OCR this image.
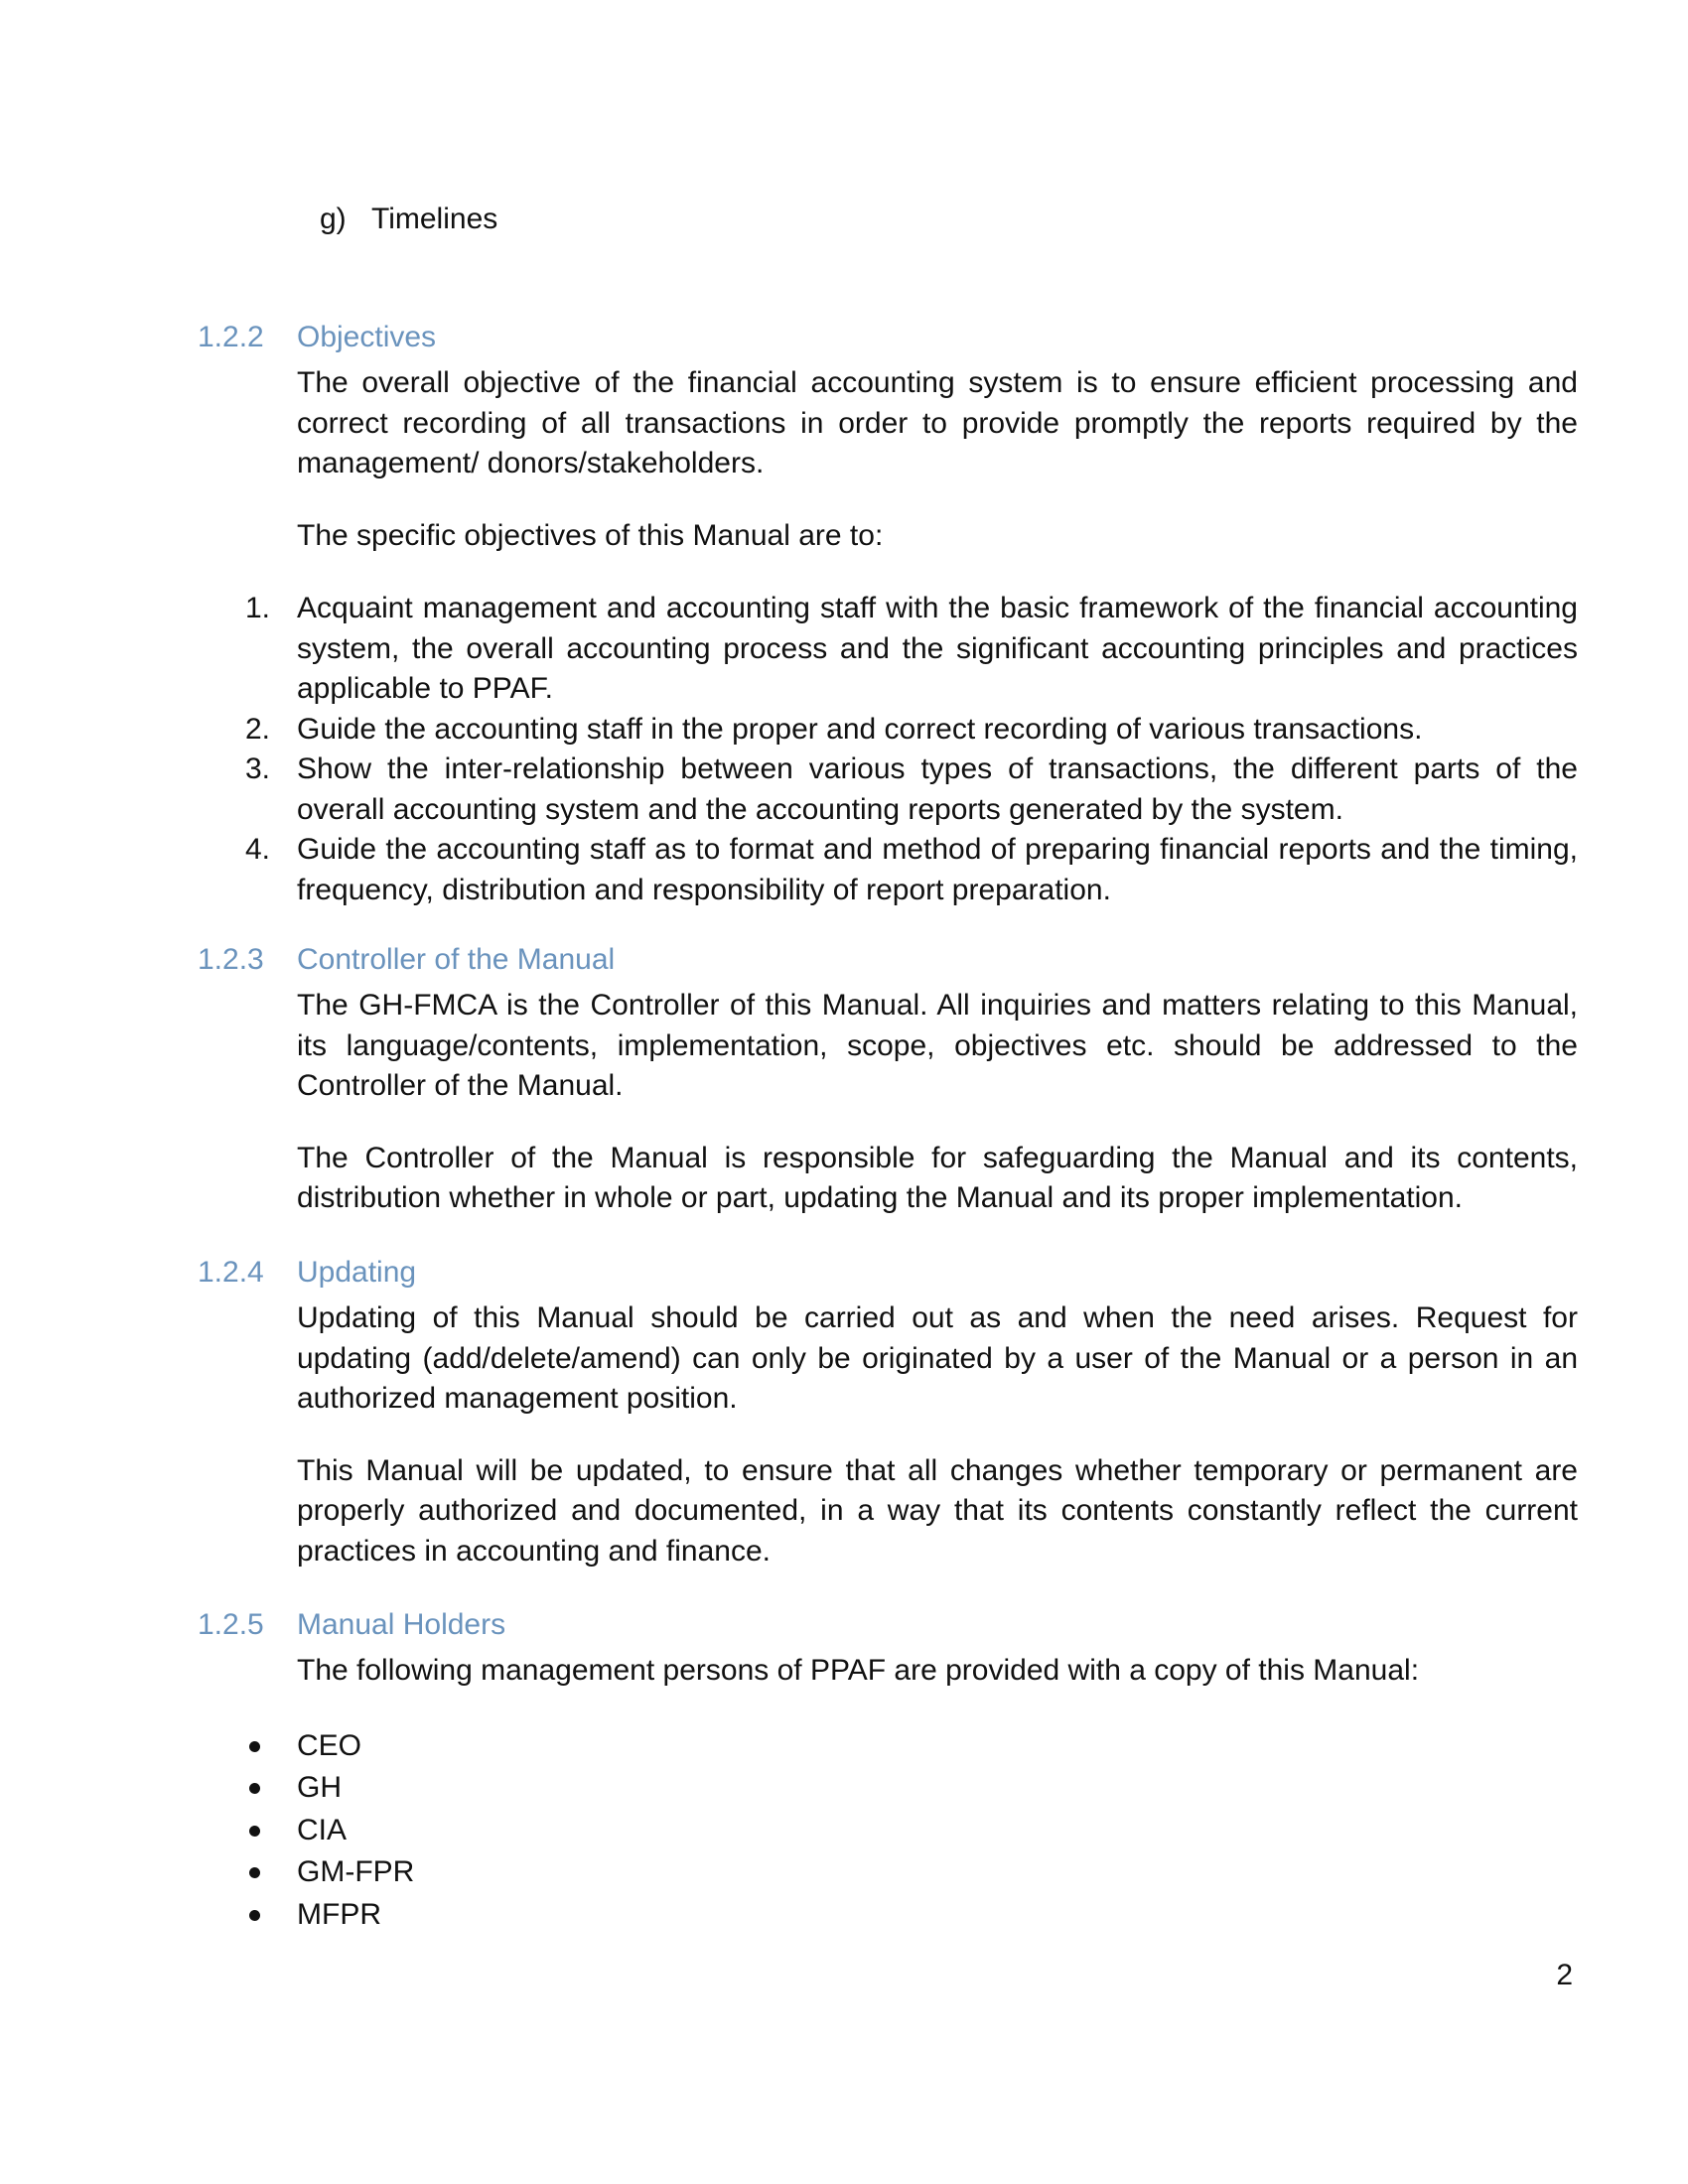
g) Timelines
1.2.2 Objectives

The overall objective of the financial accounting system is to ensure efficient processing and correct recording of all transactions in order to provide promptly the reports required by the management/ donors/stakeholders.

The specific objectives of this Manual are to:

1. Acquaint management and accounting staff with the basic framework of the financial accounting system, the overall accounting process and the significant accounting principles and practices applicable to PPAF.
2. Guide the accounting staff in the proper and correct recording of various transactions.
3. Show the inter-relationship between various types of transactions, the different parts of the overall accounting system and the accounting reports generated by the system.
4. Guide the accounting staff as to format and method of preparing financial reports and the timing, frequency, distribution and responsibility of report preparation.
1.2.3 Controller of the Manual

The GH-FMCA is the Controller of this Manual. All inquiries and matters relating to this Manual, its language/contents, implementation, scope, objectives etc. should be addressed to the Controller of the Manual.

The Controller of the Manual is responsible for safeguarding the Manual and its contents, distribution whether in whole or part, updating the Manual and its proper implementation.

1.2.4 Updating

Updating of this Manual should be carried out as and when the need arises. Request for updating (add/delete/amend) can only be originated by a user of the Manual or a person in an authorized management position.

This Manual will be updated, to ensure that all changes whether temporary or permanent are properly authorized and documented, in a way that its contents constantly reflect the current practices in accounting and finance.

1.2.5 Manual Holders

The following management persons of PPAF are provided with a copy of this Manual:

CEO
GH
CIA
GM-FPR
MFPR
2
